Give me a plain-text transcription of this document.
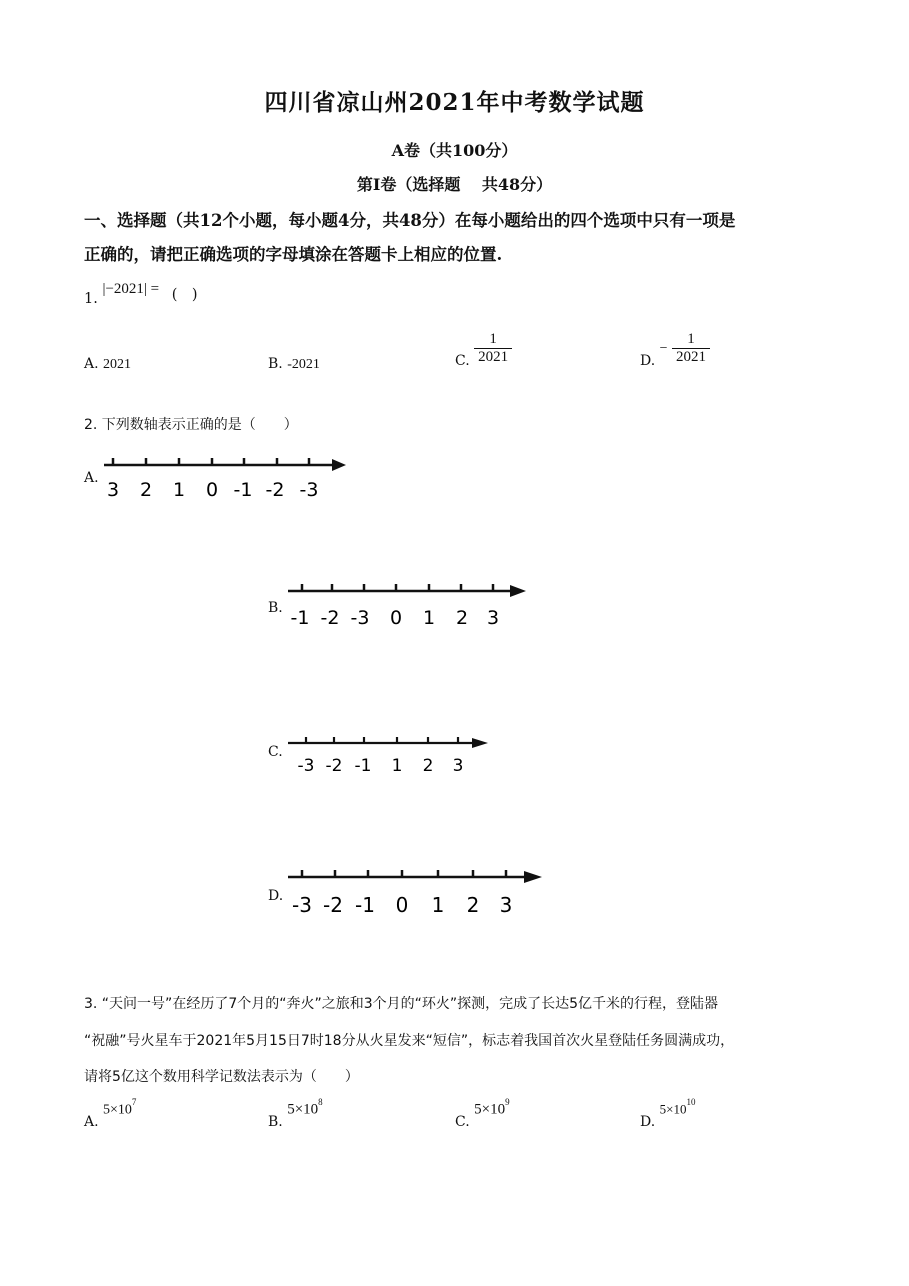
四川省凉山州2021年中考数学试题
A卷（共100分）
第I卷（选择题　 共48分）
一、选择题（共12个小题，每小题4分，共48分）在每小题给出的四个选项中只有一项是
正确的，请把正确选项的字母填涂在答题卡上相应的位置.
1. |−2021| = (　)
A. 2021	B. -2021	C. $\frac{1}{2021}$	D. − $\frac{1}{2021}$
2. 下列数轴表示正确的是（　　）
A.
3 2 1 0 -1 -2 -3
B. -1 -2 -3 0 1 2 3
C.
-3 -2 -1 1 2 3
D. -3 -2 -1 0 1 2 3
3. “天问一号”在经历了7个月的“奔火”之旅和3个月的“环火”探测，完成了长达5亿千米的行程，登陆器
“祝融”号火星车于2021年5月15日7时18分从火星发来“短信”，标志着我国首次火星登陆任务圆满成功，
请将5亿这个数用科学记数法表示为（　　）
A. $5\times 10^7$
B. $5\times 10^8$
C. $5\times 10^9$
D. $5\times 10^{10}$
